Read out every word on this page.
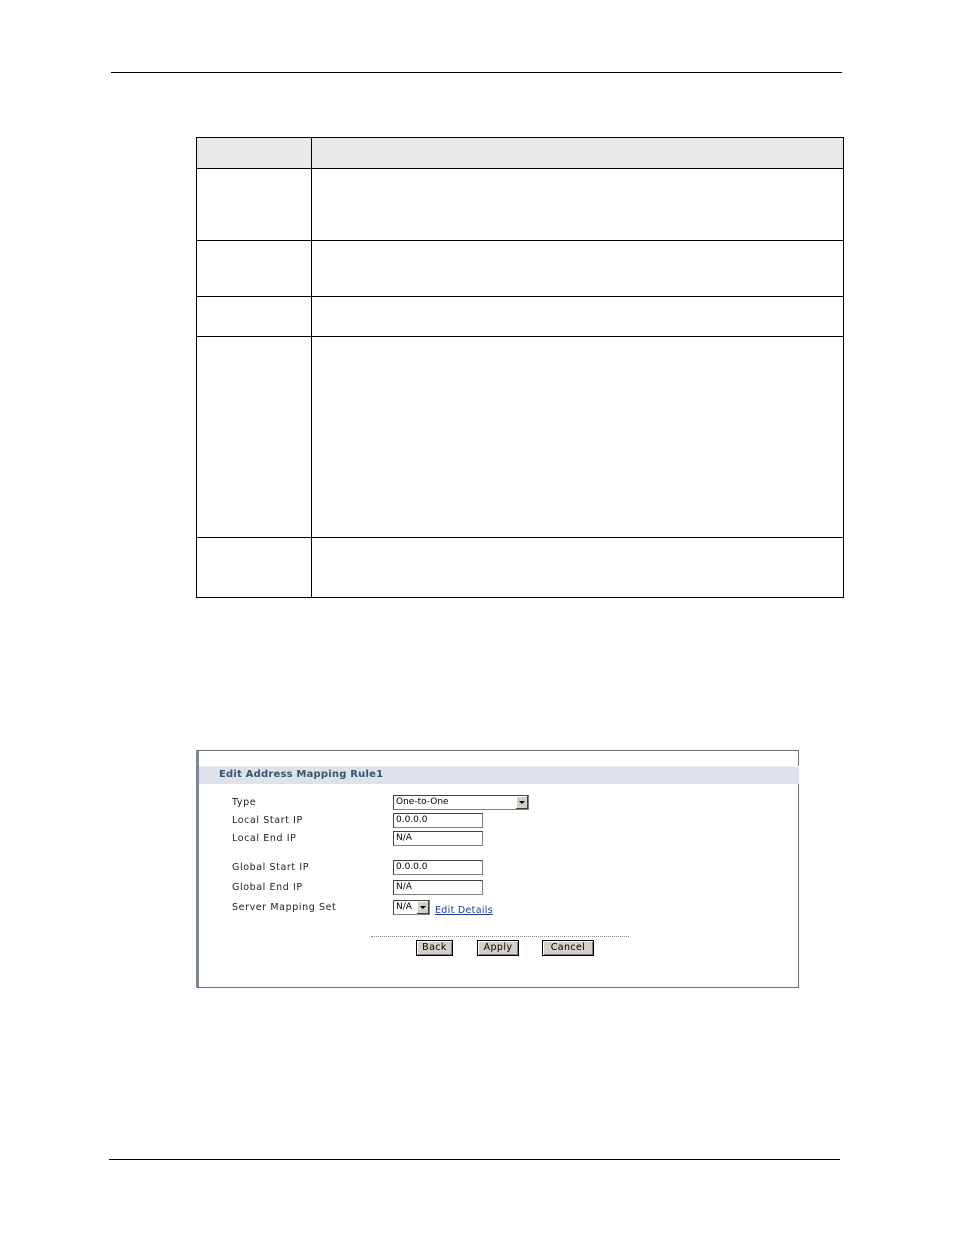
Edit Address Mapping Rule1
Type	One-to-One
Local Start IP	0.0.0.0
Local End IP	N/A
Global Start IP	0.0.0.0
Global End IP	N/A
Server Mapping Set	N/A	Edit Details
Back	Apply	Cancel
